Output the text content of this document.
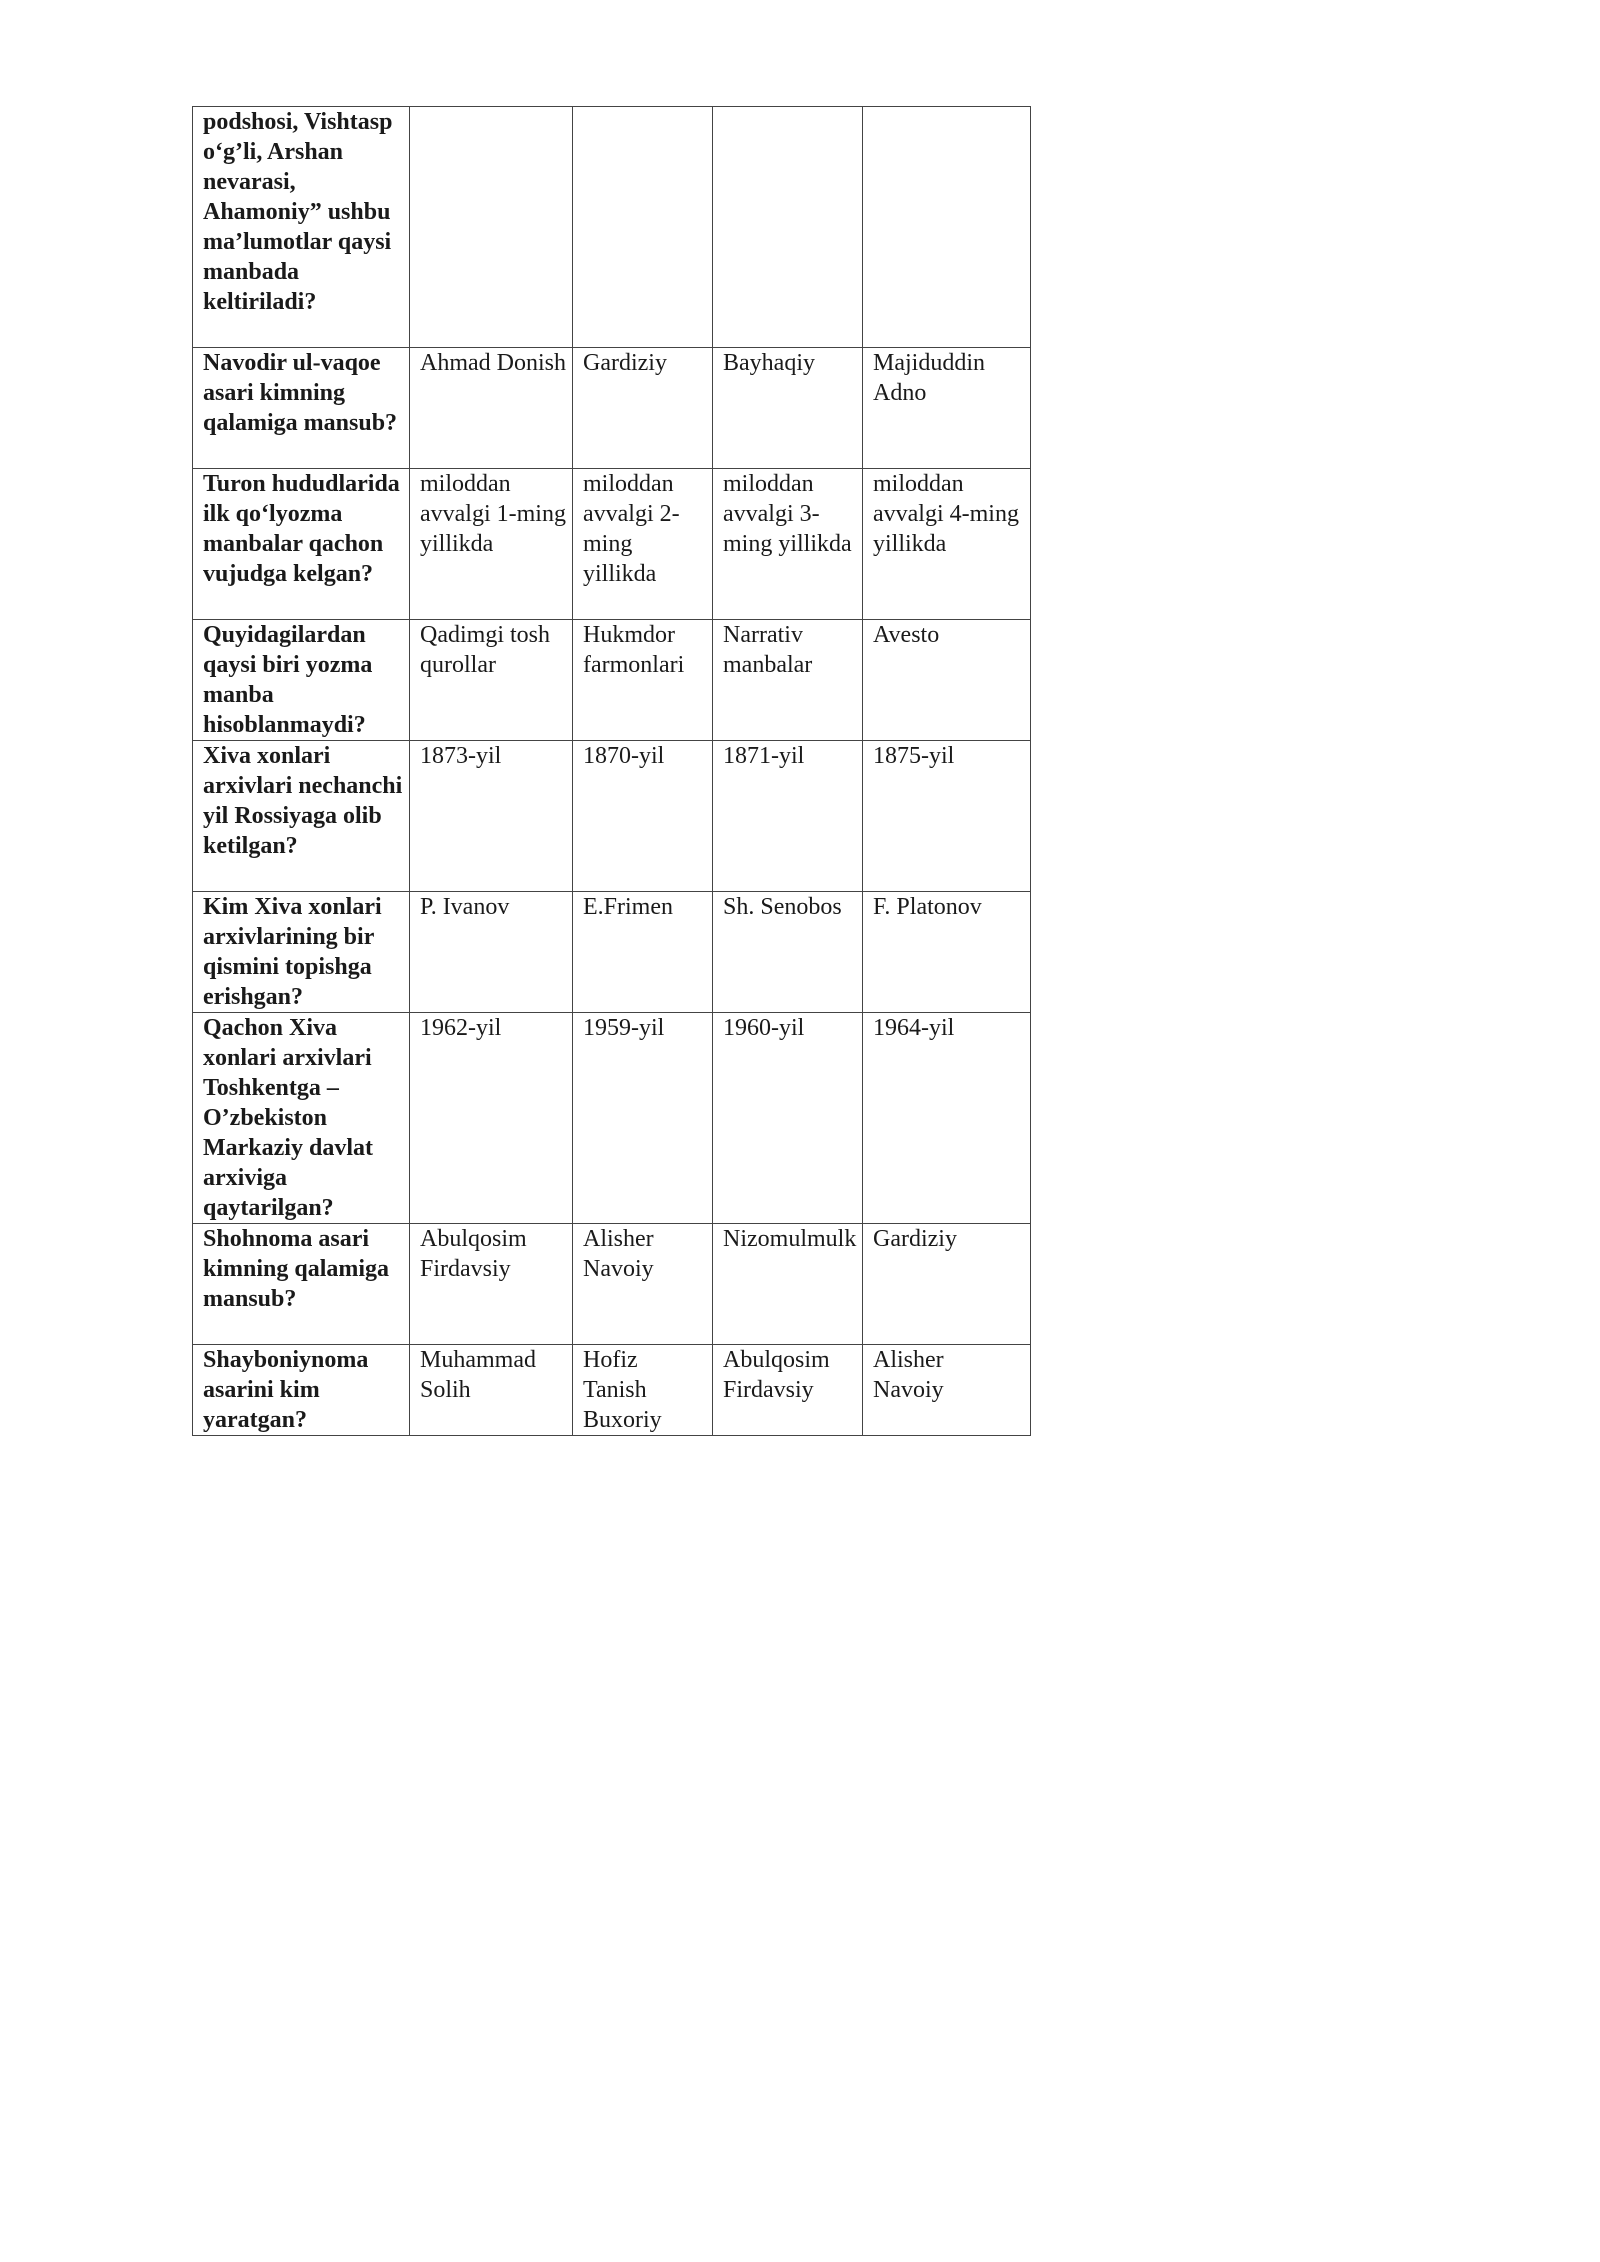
podshosi, Vishtasp o‘g’li, Arshan nevarasi, Ahamoniy” ushbu ma’lumotlar qaysi manbada keltiriladi?				
Navodir ul-vaqoe asari kimning qalamiga mansub?	Ahmad Donish	Gardiziy	Bayhaqiy	Majiduddin Adno
Turon hududlarida ilk qo‘lyozma manbalar qachon vujudga kelgan?	miloddan avvalgi 1-ming yillikda	miloddan avvalgi 2-ming yillikda	miloddan avvalgi 3-ming yillikda	miloddan avvalgi 4-ming yillikda
Quyidagilardan qaysi biri yozma manba hisoblanmaydi?	Qadimgi tosh qurollar	Hukmdor farmonlari	Narrativ manbalar	Avesto
Xiva xonlari arxivlari nechanchi yil Rossiyaga olib ketilgan?	1873-yil	1870-yil	1871-yil	1875-yil
Kim Xiva xonlari arxivlarining bir qismini topishga erishgan?	P. Ivanov	E.Frimen	Sh. Senobos	F. Platonov
Qachon Xiva xonlari arxivlari Toshkentga – O’zbekiston Markaziy davlat arxiviga qaytarilgan?	1962-yil	1959-yil	1960-yil	1964-yil
Shohnoma asari kimning qalamiga mansub?	Abulqosim Firdavsiy	Alisher Navoiy	Nizomulmulk	Gardiziy
Shayboniynoma asarini kim yaratgan?	Muhammad Solih	Hofiz Tanish Buxoriy	Abulqosim Firdavsiy	Alisher Navoiy
